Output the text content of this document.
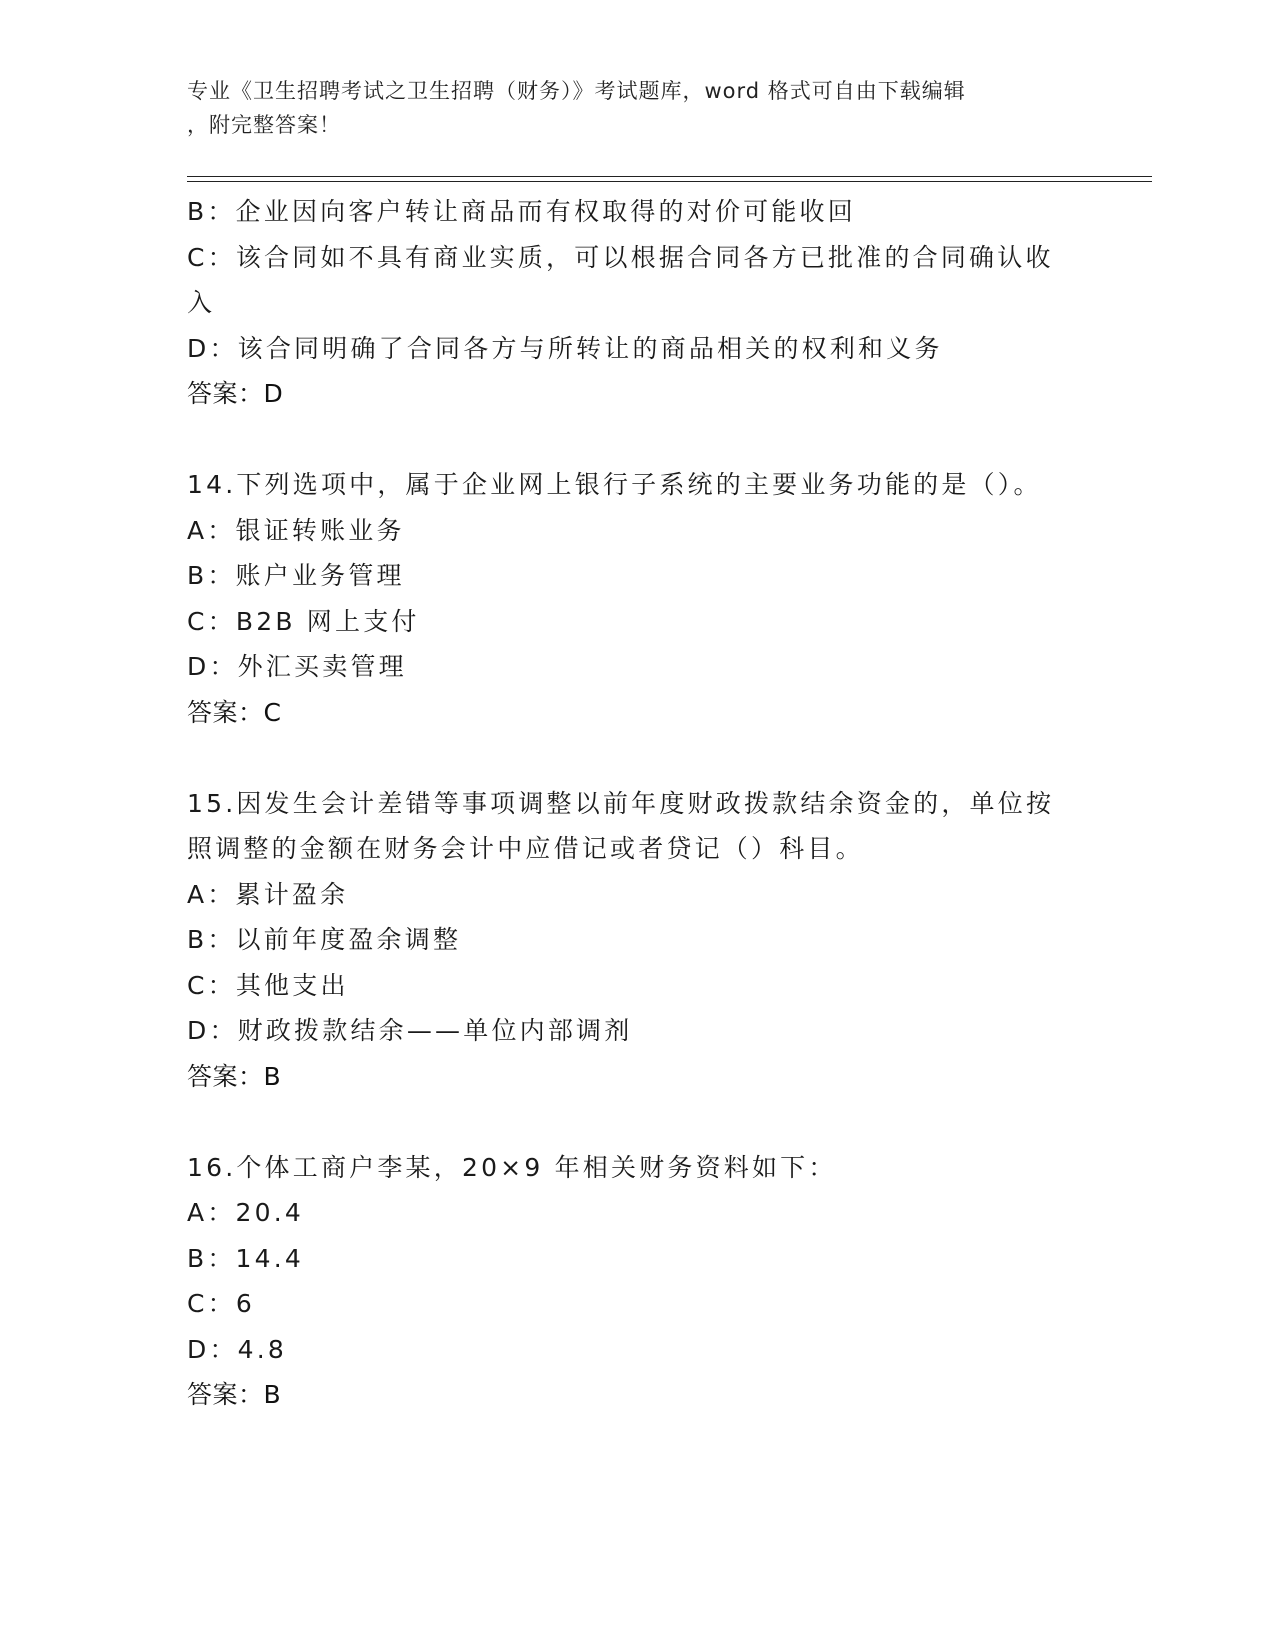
专业《卫生招聘考试之卫生招聘（财务）》考试题库，word 格式可自由下载编辑
，附完整答案！
B：企业因向客户转让商品而有权取得的对价可能收回
C：该合同如不具有商业实质，可以根据合同各方已批准的合同确认收
入
D：该合同明确了合同各方与所转让的商品相关的权利和义务
答案：D
14.下列选项中，属于企业网上银行子系统的主要业务功能的是（）。
A：银证转账业务
B：账户业务管理
C：B2B 网上支付
D：外汇买卖管理
答案：C
15.因发生会计差错等事项调整以前年度财政拨款结余资金的，单位按
照调整的金额在财务会计中应借记或者贷记（）科目。
A：累计盈余
B：以前年度盈余调整
C：其他支出
D：财政拨款结余——单位内部调剂
答案：B
16.个体工商户李某，20×9 年相关财务资料如下：
A：20.4
B：14.4
C：6
D：4.8
答案：B
